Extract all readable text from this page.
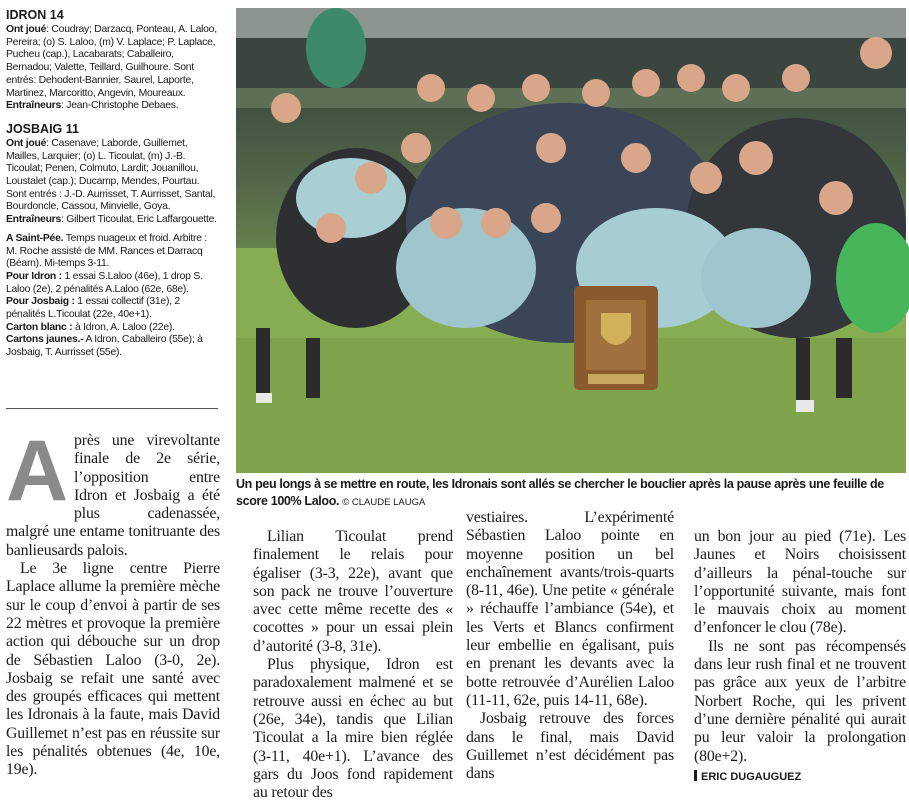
IDRON 14

Ont joué: Coudray; Darzacq, Ponteau, A. Laloo, Pereira; (o) S. Laloo, (m) V. Laplace; P. Laplace, Pucheu (cap.), Lacabarats; Caballeiro, Bernadou; Valette, Teillard, Guilhoure. Sont entrés: Dehodent-Bannier, Saurel, Laporte, Martinez, Marcoritto, Angevin, Moureaux.

Entraîneurs: Jean-Christophe Debaes.

JOSBAIG 11

Ont joué: Casenave; Laborde, Guillemet, Mailles, Larquier; (o) L. Ticoulat, (m) J.-B. Ticoulat; Penen, Colmuto, Lardit; Jouanillou, Loustalet (cap.); Ducamp, Mendes, Pourtau. Sont entrés : J.-D. Aurrisset, T. Aurrisset, Santal, Bourdoncle, Cassou, Minvielle, Goya.

Entraîneurs: Gilbert Ticoulat, Eric Laffargouette.

A Saint-Pée. Temps nuageux et froid. Arbitre : M. Roche assisté de MM. Rances et Darracq (Béarn). Mi-temps 3-11.

Pour Idron : 1 essai S.Laloo (46e), 1 drop S. Laloo (2e), 2 pénalités A.Laloo (62e, 68e).

Pour Josbaig : 1 essai collectif (31e), 2 pénalités L.Ticoulat (22e, 40e+1).

Carton blanc : à Idron, A. Laloo (22e).

Cartons jaunes.- A Idron, Caballeiro (55e); à Josbaig, T. Aurrisset (55e).

Un peu longs à se mettre en route, les Idronais sont allés se chercher le bouclier après la pause après une feuille de score 100% Laloo. © CLAUDE LAUGA

Après une virevoltante finale de 2e série, l’opposition entre Idron et Josbaig a été plus cadenassée, malgré une entame tonitruante des banlieusards palois.

Le 3e ligne centre Pierre Laplace allume la première mèche sur le coup d’envoi à partir de ses 22 mètres et provoque la première action qui débouche sur un drop de Sébastien Laloo (3-0, 2e). Josbaig se refait une santé avec des groupés efficaces qui mettent les Idronais à la faute, mais David Guillemet n’est pas en réussite sur les pénalités obtenues (4e, 10e, 19e).

Lilian Ticoulat prend finalement le relais pour égaliser (3-3, 22e), avant que son pack ne trouve l’ouverture avec cette même recette des « cocottes » pour un essai plein d’autorité (3-8, 31e).

Plus physique, Idron est paradoxalement malmené et se retrouve aussi en échec au but (26e, 34e), tandis que Lilian Ticoulat a la mire bien réglée (3-11, 40e+1). L’avance des gars du Joos fond rapidement au retour des

vestiaires. L’expérimenté Sébastien Laloo pointe en moyenne position un bel enchaînement avants/trois-quarts (8-11, 46e). Une petite « générale » réchauffe l’ambiance (54e), et les Verts et Blancs confirment leur embellie en égalisant, puis en prenant les devants avec la botte retrouvée d’Aurélien Laloo (11-11, 62e, puis 14-11, 68e).

Josbaig retrouve des forces dans le final, mais David Guillemet n’est décidément pas dans

un bon jour au pied (71e). Les Jaunes et Noirs choisissent d’ailleurs la pénal-touche sur l’opportunité suivante, mais font le mauvais choix au moment d’enfoncer le clou (78e).

Ils ne sont pas récompensés dans leur rush final et ne trouvent pas grâce aux yeux de l’arbitre Norbert Roche, qui les privent d’une dernière pénalité qui aurait pu leur valoir la prolongation (80e+2).

ERIC DUGAUGUEZ
